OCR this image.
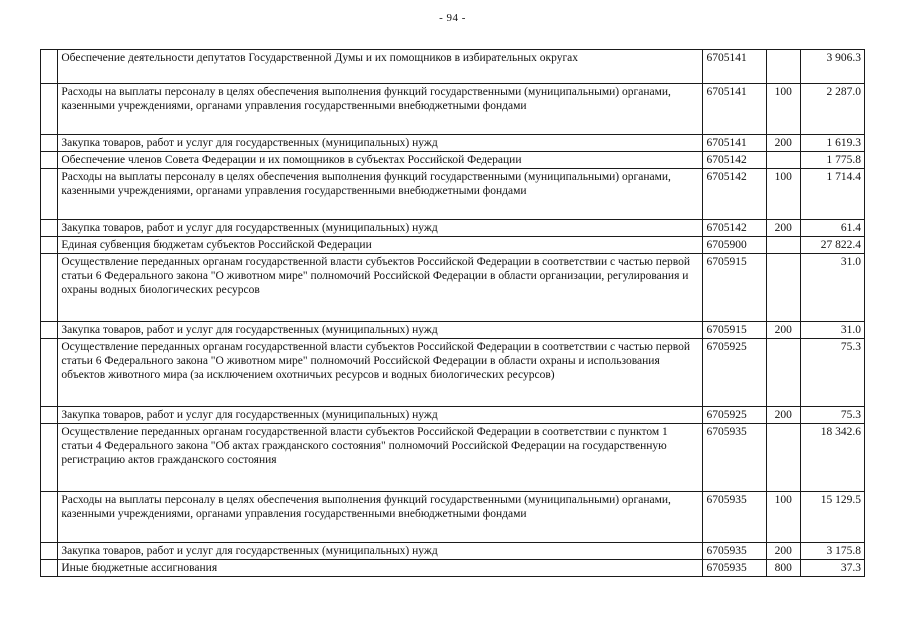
- 94 -
	Обеспечение деятельности депутатов Государственной Думы и их помощников в избирательных округах	6705141		3 906.3
	Расходы на выплаты персоналу в целях обеспечения выполнения функций государственными (муниципальными) органами, казенными учреждениями, органами управления государственными внебюджетными фондами	6705141	100	2 287.0
	Закупка товаров, работ и услуг для государственных (муниципальных) нужд	6705141	200	1 619.3
	Обеспечение членов Совета Федерации и их помощников в субъектах Российской Федерации	6705142		1 775.8
	Расходы на выплаты персоналу в целях обеспечения выполнения функций государственными (муниципальными) органами, казенными учреждениями, органами управления государственными внебюджетными фондами	6705142	100	1 714.4
	Закупка товаров, работ и услуг для государственных (муниципальных) нужд	6705142	200	61.4
	Единая субвенция бюджетам субъектов Российской Федерации	6705900		27 822.4
	Осуществление переданных органам государственной власти субъектов Российской Федерации в соответствии с частью первой статьи 6 Федерального закона "О животном мире" полномочий Российской Федерации в области организации, регулирования и охраны водных биологических ресурсов	6705915		31.0
	Закупка товаров, работ и услуг для государственных (муниципальных) нужд	6705915	200	31.0
	Осуществление переданных органам государственной власти субъектов Российской Федерации в соответствии с частью первой статьи 6 Федерального закона "О животном мире" полномочий Российской Федерации в области охраны и использования объектов животного мира (за исключением охотничьих ресурсов и водных биологических ресурсов)	6705925		75.3
	Закупка товаров, работ и услуг для государственных (муниципальных) нужд	6705925	200	75.3
	Осуществление переданных органам государственной власти субъектов Российской Федерации в соответствии с пунктом 1 статьи 4 Федерального закона "Об актах гражданского состояния" полномочий Российской Федерации на государственную регистрацию актов гражданского состояния	6705935		18 342.6
	Расходы на выплаты персоналу в целях обеспечения выполнения функций государственными (муниципальными) органами, казенными учреждениями, органами управления государственными внебюджетными фондами	6705935	100	15 129.5
	Закупка товаров, работ и услуг для государственных (муниципальных) нужд	6705935	200	3 175.8
	Иные бюджетные ассигнования	6705935	800	37.3
